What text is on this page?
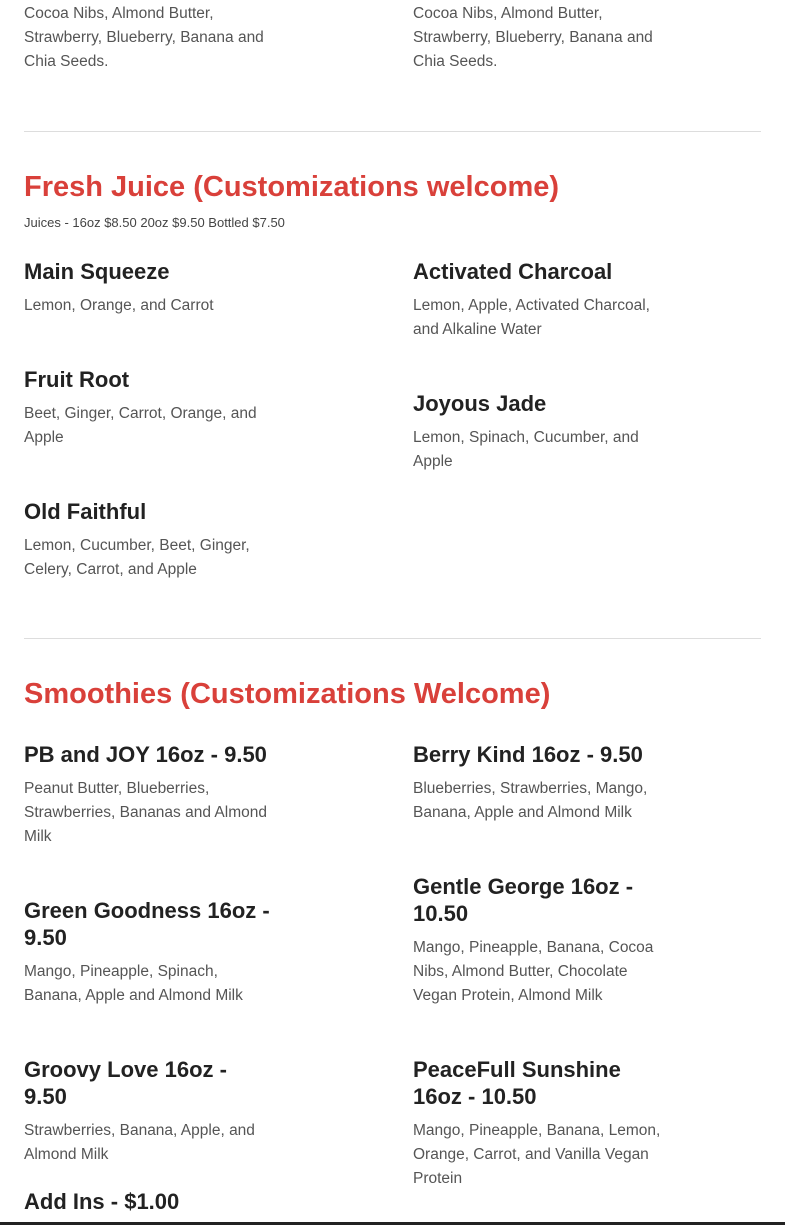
Cocoa Nibs, Almond Butter, Strawberry, Blueberry, Banana and Chia Seeds.

Cocoa Nibs, Almond Butter, Strawberry, Blueberry, Banana and Chia Seeds.

Fresh Juice (Customizations welcome)

Juices - 16oz $8.50 20oz $9.50 Bottled $7.50

Main Squeeze

Lemon, Orange, and Carrot

Activated Charcoal

Lemon, Apple, Activated Charcoal, and Alkaline Water

Fruit Root

Beet, Ginger, Carrot, Orange, and Apple

Joyous Jade

Lemon, Spinach, Cucumber, and Apple

Old Faithful

Lemon, Cucumber, Beet, Ginger, Celery, Carrot, and Apple

Smoothies (Customizations Welcome)
PB and JOY 16oz - 9.50

Peanut Butter, Blueberries, Strawberries, Bananas and Almond Milk

Berry Kind 16oz - 9.50

Blueberries, Strawberries, Mango, Banana, Apple and Almond Milk

Green Goodness 16oz - 9.50

Mango, Pineapple, Spinach, Banana, Apple and Almond Milk

Gentle George 16oz - 10.50

Mango, Pineapple, Banana, Cocoa Nibs, Almond Butter, Chocolate Vegan Protein, Almond Milk

Groovy Love 16oz - 9.50

Strawberries, Banana, Apple, and Almond Milk

PeaceFull Sunshine 16oz - 10.50

Mango, Pineapple, Banana, Lemon, Orange, Carrot, and Vanilla Vegan Protein

Add Ins - $1.00
